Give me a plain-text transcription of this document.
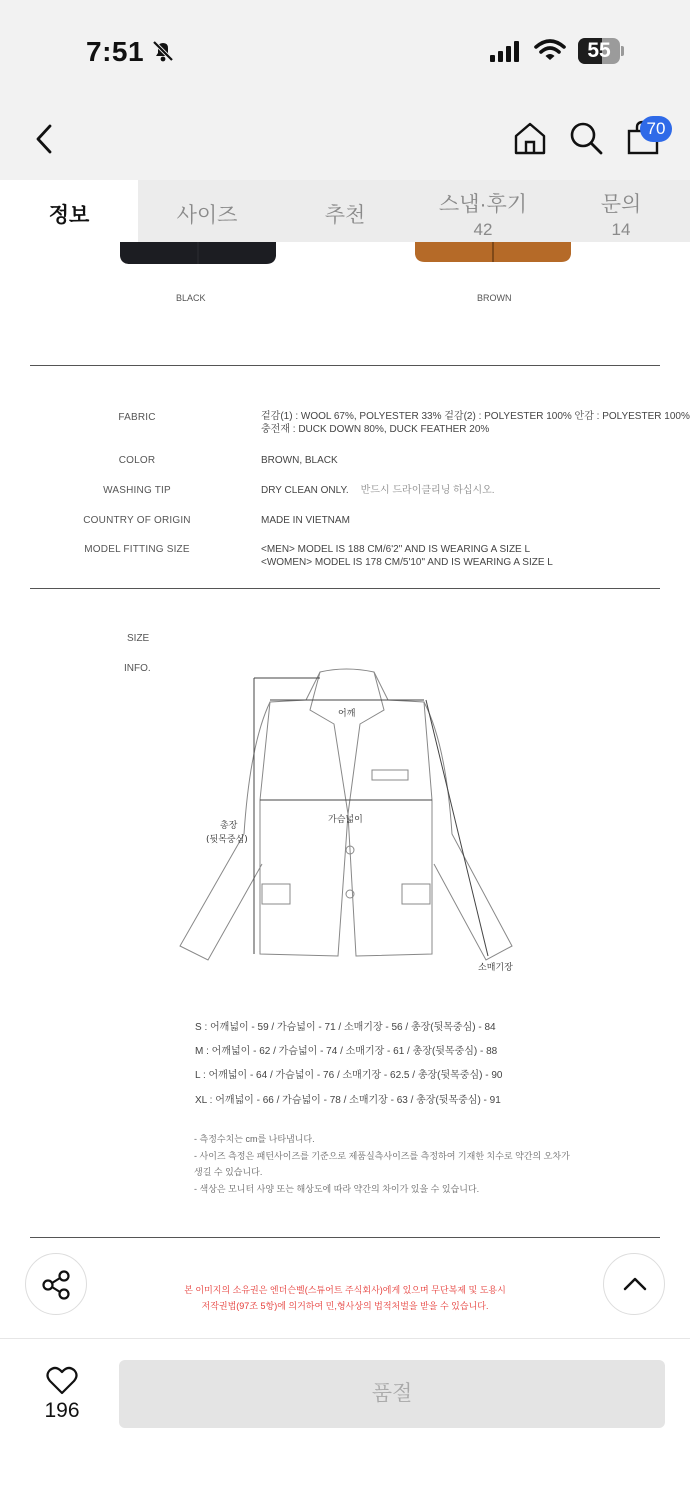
7:51	55
70
정보	사이즈	추천	스냅·후기
42
문의
14
BLACK	BROWN
FABRIC	겉감(1) : WOOL 67%, POLYESTER 33% 겉감(2) : POLYESTER 100% 안감 : POLYESTER 100%
충전재 : DUCK DOWN 80%, DUCK FEATHER 20%
COLOR	BROWN, BLACK
WASHING TIP	DRY CLEAN ONLY. 반드시 드라이클리닝 하십시오.
COUNTRY OF ORIGIN	MADE IN VIETNAM
MODEL FITTING SIZE	<MEN> MODEL IS 188 CM/6'2" AND IS WEARING A SIZE L
<WOMEN> MODEL IS 178 CM/5'10" AND IS WEARING A SIZE L
SIZE
INFO.
어깨
가슴넓이
총장
(뒷목중심)
소매기장
S : 어깨넓이 - 59 / 가슴넓이 - 71 / 소매기장 - 56 / 총장(뒷목중심) - 84
M : 어깨넓이 - 62 / 가슴넓이 - 74 / 소매기장 - 61 / 총장(뒷목중심) - 88
L : 어깨넓이 - 64 / 가슴넓이 - 76 / 소매기장 - 62.5 / 총장(뒷목중심) - 90
XL : 어깨넓이 - 66 / 가슴넓이 - 78 / 소매기장 - 63 / 총장(뒷목중심) - 91
- 측정수치는 cm를 나타냅니다.
- 사이즈 측정은 패턴사이즈를 기준으로 제품실측사이즈를 측정하여 기재한 치수로 약간의 오차가
생길 수 있습니다.
- 색상은 모니터 사양 또는 해상도에 따라 약간의 차이가 있을 수 있습니다.
본 이미지의 소유권은 엔더슨벨(스튜어트 주식회사)에게 있으며 무단복제 및 도용시
저작권법(97조 5항)에 의거하여 민,형사상의 법적처벌을 받을 수 있습니다.
196
품절
